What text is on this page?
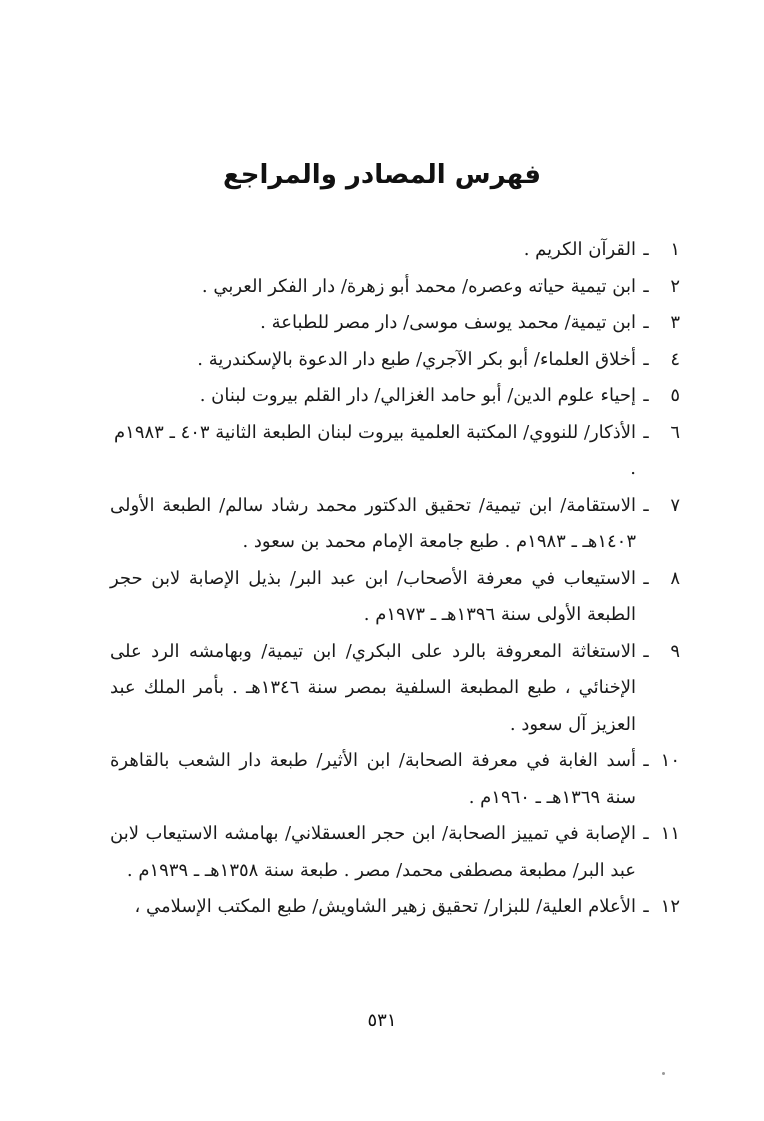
فهرس المصادر والمراجع
١
ـ
القرآن الكريم .
٢
ـ
ابن تيمية حياته وعصره/ محمد أبو زهرة/ دار الفكر العربي .
٣
ـ
ابن تيمية/ محمد يوسف موسى/ دار مصر للطباعة .
٤
ـ
أخلاق العلماء/ أبو بكر الآجري/ طبع دار الدعوة بالإسكندرية .
٥
ـ
إحياء علوم الدين/ أبو حامد الغزالي/ دار القلم بيروت لبنان .
٦
ـ
الأذكار/ للنووي/ المكتبة العلمية بيروت لبنان الطبعة الثانية ٤٠٣ ـ ١٩٨٣م .
٧
ـ
الاستقامة/ ابن تيمية/ تحقيق الدكتور محمد رشاد سالم/ الطبعة الأولى ١٤٠٣هـ ـ ١٩٨٣م . طبع جامعة الإمام محمد بن سعود .
٨
ـ
الاستيعاب في معرفة الأصحاب/ ابن عبد البر/ بذيل الإصابة لابن حجر الطبعة الأولى سنة ١٣٩٦هـ ـ ١٩٧٣م .
٩
ـ
الاستغاثة المعروفة بالرد على البكري/ ابن تيمية/ وبهامشه الرد على الإخنائي ، طبع المطبعة السلفية بمصر سنة ١٣٤٦هـ . بأمر الملك عبد العزيز آل سعود .
١٠
ـ
أسد الغابة في معرفة الصحابة/ ابن الأثير/ طبعة دار الشعب بالقاهرة سنة ١٣٦٩هـ ـ ١٩٦٠م .
١١
ـ
الإصابة في تمييز الصحابة/ ابن حجر العسقلاني/ بهامشه الاستيعاب لابن عبد البر/ مطبعة مصطفى محمد/ مصر . طبعة سنة ١٣٥٨هـ ـ ١٩٣٩م .
١٢
ـ
الأعلام العلية/ للبزار/ تحقيق زهير الشاويش/ طبع المكتب الإسلامي ،
٥٣١
